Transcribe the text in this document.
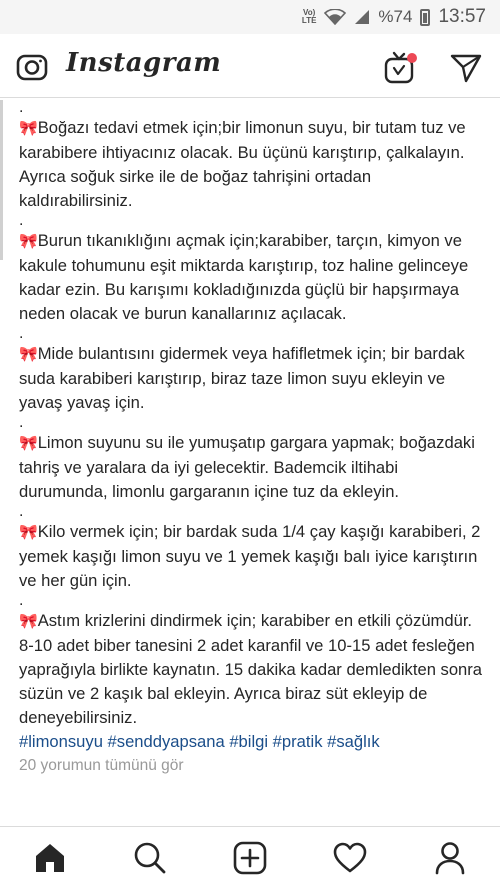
Vo)
LTE	%74 13:57
Instagram
.

🎀Boğazı tedavi etmek için;bir limonun suyu, bir tutam tuz ve karabibere ihtiyacınız olacak. Bu üçünü karıştırıp, çalkalayın. Ayrıca soğuk sirke ile de boğaz tahrişini ortadan kaldırabilirsiniz.

.

🎀Burun tıkanıklığını açmak için;karabiber, tarçın, kimyon ve kakule tohumunu eşit miktarda karıştırıp, toz haline gelinceye kadar ezin. Bu karışımı kokladığınızda güçlü bir hapşırmaya neden olacak ve burun kanallarınız açılacak.

.

🎀Mide bulantısını gidermek veya hafifletmek için; bir bardak suda karabiberi karıştırıp, biraz taze limon suyu ekleyin ve yavaş yavaş için.

.

🎀Limon suyunu su ile yumuşatıp gargara yapmak; boğazdaki tahriş ve yaralara da iyi gelecektir. Bademcik iltihabi durumunda, limonlu gargaranın içine tuz da ekleyin.

.

🎀Kilo vermek için; bir bardak suda 1/4 çay kaşığı karabiberi, 2 yemek kaşığı limon suyu ve 1 yemek kaşığı balı iyice karıştırın ve her gün için.

.

🎀Astım krizlerini dindirmek için; karabiber en etkili çözümdür. 8-10 adet biber tanesini 2 adet karanfil ve 10-15 adet fesleğen yaprağıyla birlikte kaynatın. 15 dakika kadar demledikten sonra süzün ve 2 kaşık bal ekleyin. Ayrıca biraz süt ekleyip de deneyebilirsiniz.

#limonsuyu #senddyapsana #bilgi #pratik #sağlık

20 yorumun tümünü gör
